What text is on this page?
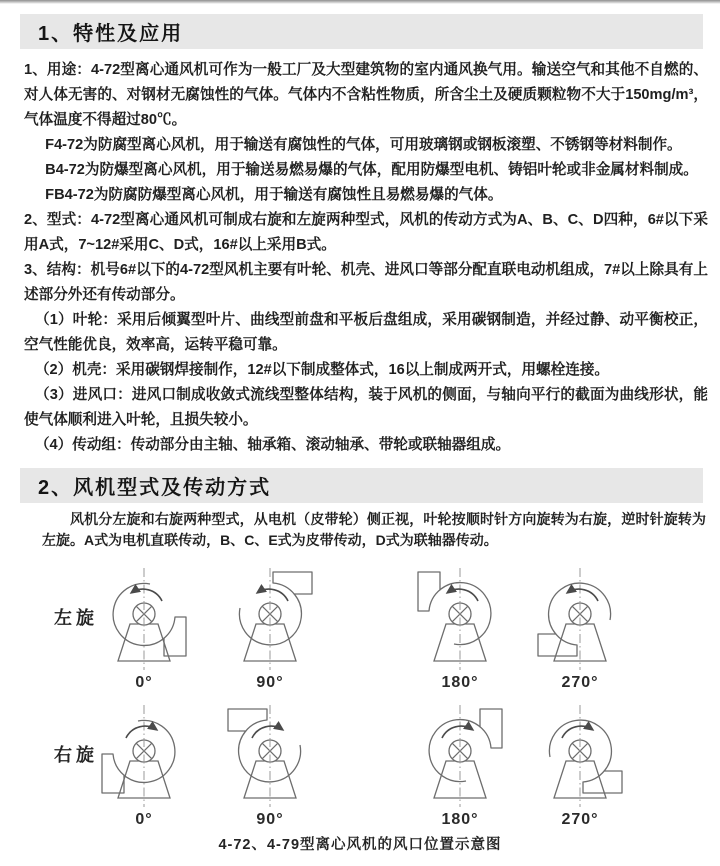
1、特性及应用

1、用途：4-72型离心通风机可作为一般工厂及大型建筑物的室内通风换气用。输送空气和其他不自燃的、对人体无害的、对钢材无腐蚀性的气体。气体内不含粘性物质，所含尘土及硬质颗粒物不大于150mg/m³，气体温度不得超过80℃。

F4-72为防腐型离心风机，用于输送有腐蚀性的气体，可用玻璃钢或钢板滚塑、不锈钢等材料制作。

B4-72为防爆型离心风机，用于输送易燃易爆的气体，配用防爆型电机、铸铝叶轮或非金属材料制成。

FB4-72为防腐防爆型离心风机，用于输送有腐蚀性且易燃易爆的气体。

2、型式：4-72型离心通风机可制成右旋和左旋两种型式，风机的传动方式为A、B、C、D四种，6#以下采用A式，7~12#采用C、D式，16#以上采用B式。

3、结构：机号6#以下的4-72型风机主要有叶轮、机壳、进风口等部分配直联电动机组成，7#以上除具有上述部分外还有传动部分。

（1）叶轮：采用后倾翼型叶片、曲线型前盘和平板后盘组成，采用碳钢制造，并经过静、动平衡校正，空气性能优良，效率高，运转平稳可靠。

（2）机壳：采用碳钢焊接制作，12#以下制成整体式，16以上制成两开式，用螺栓连接。

（3）进风口：进风口制成收敛式流线型整体结构，装于风机的侧面，与轴向平行的截面为曲线形状，能使气体顺利进入叶轮，且损失较小。

（4）传动组：传动部分由主轴、轴承箱、滚动轴承、带轮或联轴器组成。

2、风机型式及传动方式

风机分左旋和右旋两种型式，从电机（皮带轮）侧正视，叶轮按顺时针方向旋转为右旋，逆时针旋转为左旋。A式为电机直联传动，B、C、E式为皮带传动，D式为联轴器传动。

左旋
0°	90°	180°	270°
右旋
0°	90°	180°	270°
4-72、4-79型离心风机的风口位置示意图
